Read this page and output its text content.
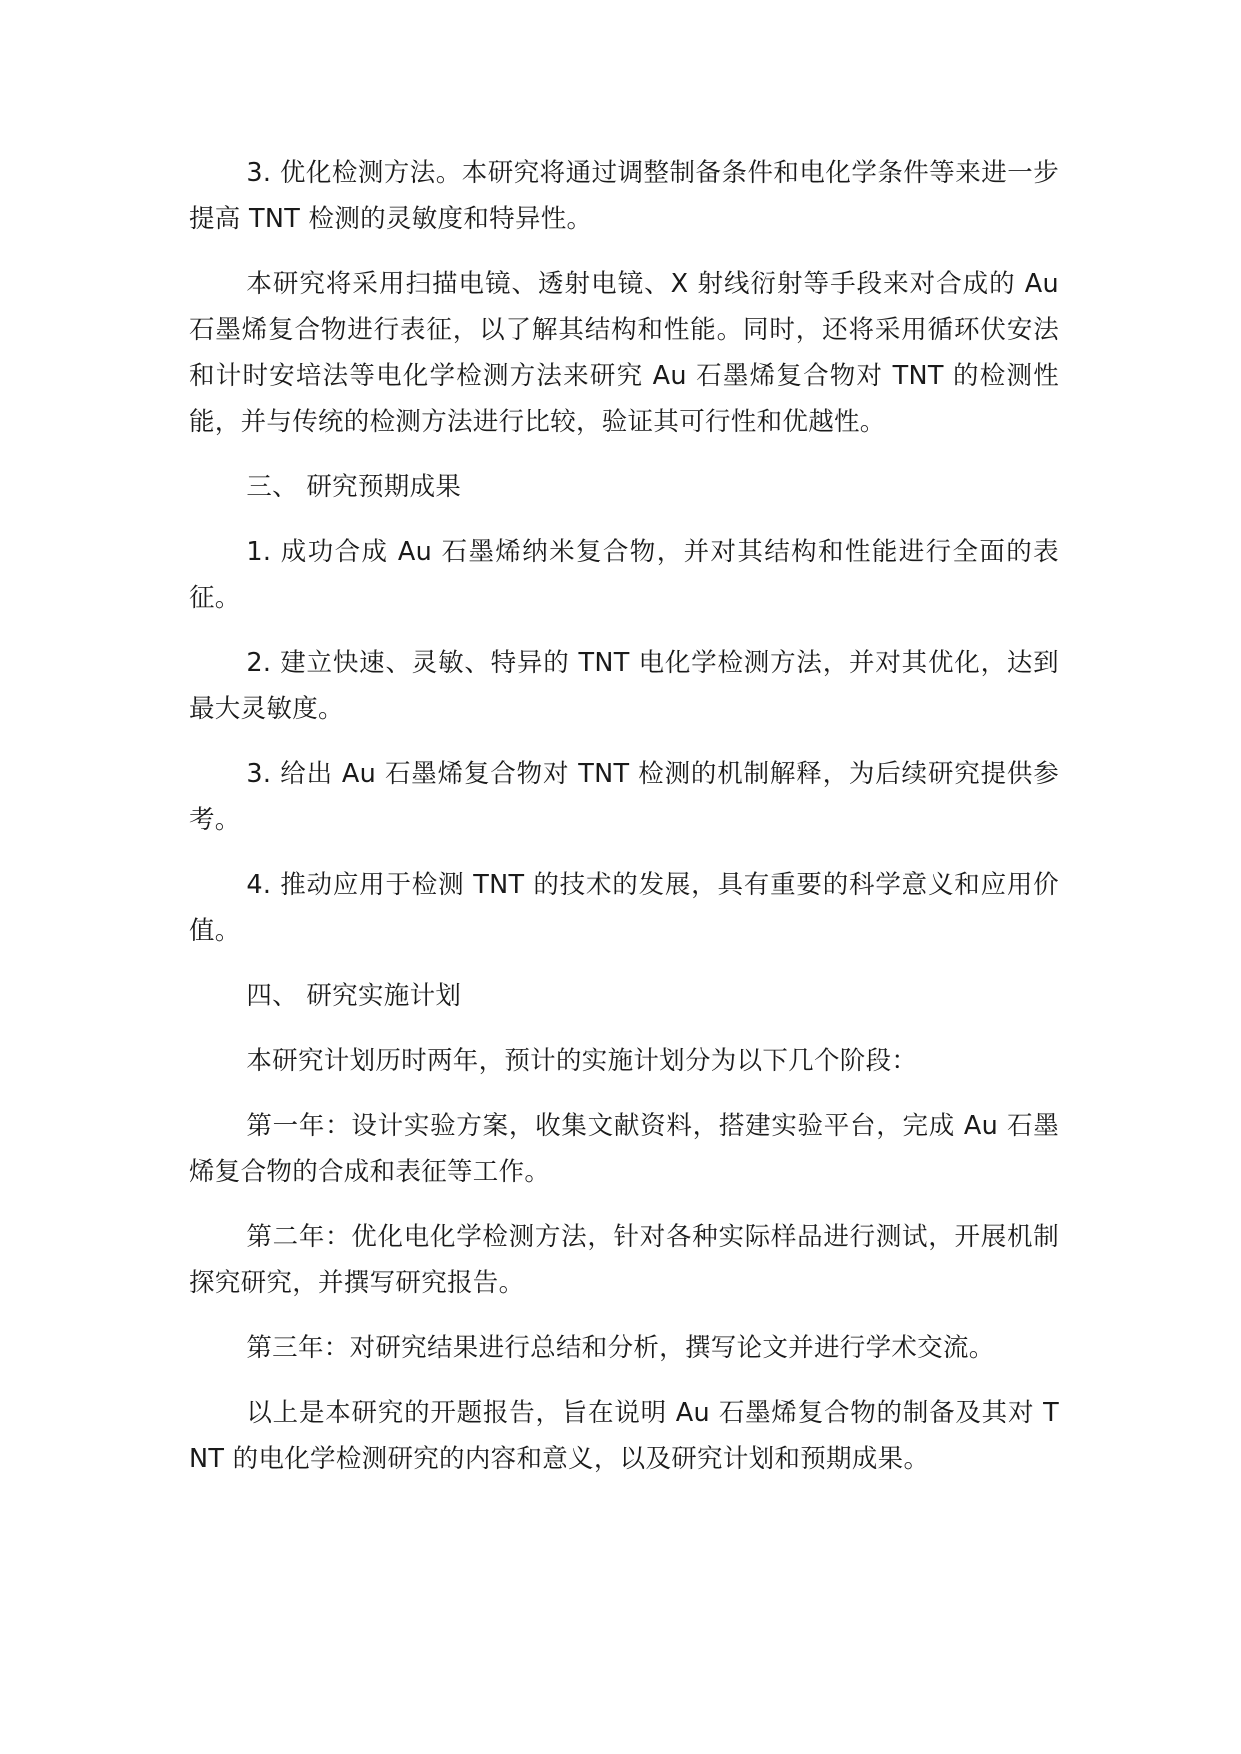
3. 优化检测方法。本研究将通过调整制备条件和电化学条件等来进一步提高 TNT 检测的灵敏度和特异性。

本研究将采用扫描电镜、透射电镜、X 射线衍射等手段来对合成的 Au 石墨烯复合物进行表征，以了解其结构和性能。同时，还将采用循环伏安法和计时安培法等电化学检测方法来研究 Au 石墨烯复合物对 TNT 的检测性能，并与传统的检测方法进行比较，验证其可行性和优越性。

三、 研究预期成果

1. 成功合成 Au 石墨烯纳米复合物，并对其结构和性能进行全面的表征。

2. 建立快速、灵敏、特异的 TNT 电化学检测方法，并对其优化，达到最大灵敏度。

3. 给出 Au 石墨烯复合物对 TNT 检测的机制解释，为后续研究提供参考。

4. 推动应用于检测 TNT 的技术的发展，具有重要的科学意义和应用价值。

四、 研究实施计划

本研究计划历时两年，预计的实施计划分为以下几个阶段：

第一年：设计实验方案，收集文献资料，搭建实验平台，完成 Au 石墨烯复合物的合成和表征等工作。

第二年：优化电化学检测方法，针对各种实际样品进行测试，开展机制探究研究，并撰写研究报告。

第三年：对研究结果进行总结和分析，撰写论文并进行学术交流。

以上是本研究的开题报告，旨在说明 Au 石墨烯复合物的制备及其对 TNT 的电化学检测研究的内容和意义，以及研究计划和预期成果。
